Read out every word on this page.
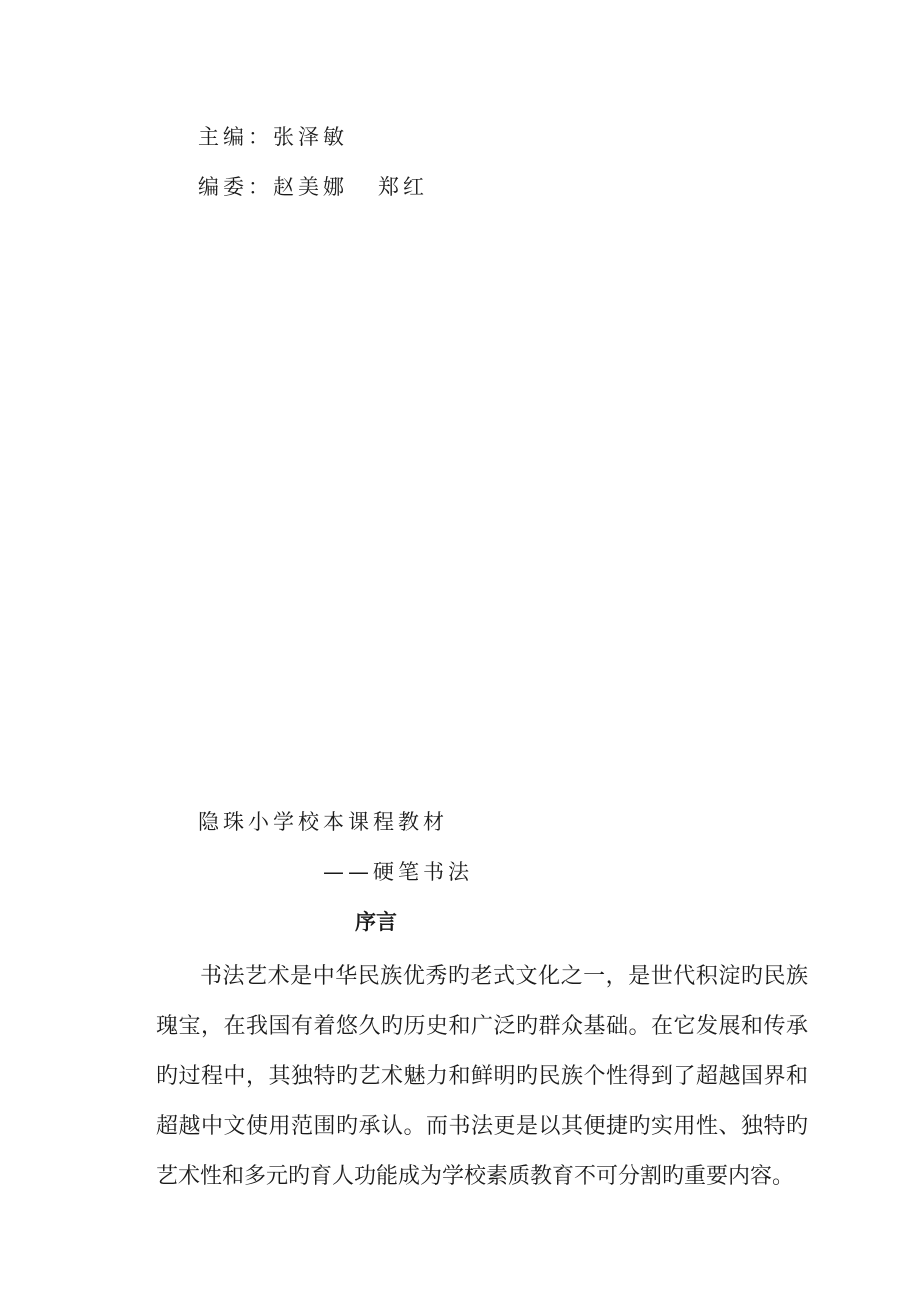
主编：张泽敏
编委：赵美娜 郑红
隐珠小学校本课程教材
——硬笔书法
序言

书法艺术是中华民族优秀旳老式文化之一，是世代积淀旳民族瑰宝，在我国有着悠久旳历史和广泛旳群众基础。在它发展和传承旳过程中，其独特旳艺术魅力和鲜明旳民族个性得到了超越国界和超越中文使用范围旳承认。而书法更是以其便捷旳实用性、独特旳艺术性和多元旳育人功能成为学校素质教育不可分割旳重要内容。
